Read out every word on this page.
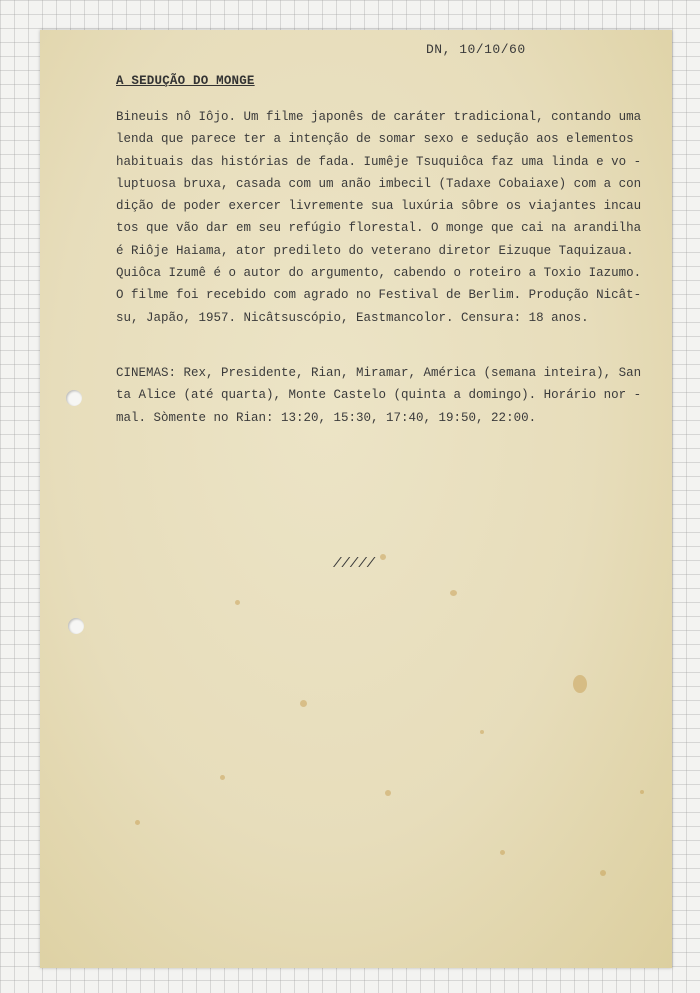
DN, 10/10/60
A SEDUÇÃO DO MONGE

Bineuis nô Iôjo. Um filme japonês de caráter tradicional, contando uma
lenda que parece ter a intenção de somar sexo e sedução aos elementos
habituais das histórias de fada. Iumêje Tsuquiôca faz uma linda e vo -
luptuosa bruxa, casada com um anão imbecil (Tadaxe Cobaiaxe) com a con
dição de poder exercer livremente sua luxúria sôbre os viajantes incau
tos que vão dar em seu refúgio florestal. O monge que cai na arandilha
é Riôje Haiama, ator predileto do veterano diretor Eizuque Taquizaua.
Quiôca Izumê é o autor do argumento, cabendo o roteiro a Toxio Iazumo.
O filme foi recebido com agrado no Festival de Berlim. Produção Nicât-
su, Japão, 1957. Nicâtsuscópio, Eastmancolor. Censura: 18 anos.

CINEMAS: Rex, Presidente, Rian, Miramar, América (semana inteira), San
ta Alice (até quarta), Monte Castelo (quinta a domingo). Horário nor -
mal. Sòmente no Rian: 13:20, 15:30, 17:40, 19:50, 22:00.

/////
